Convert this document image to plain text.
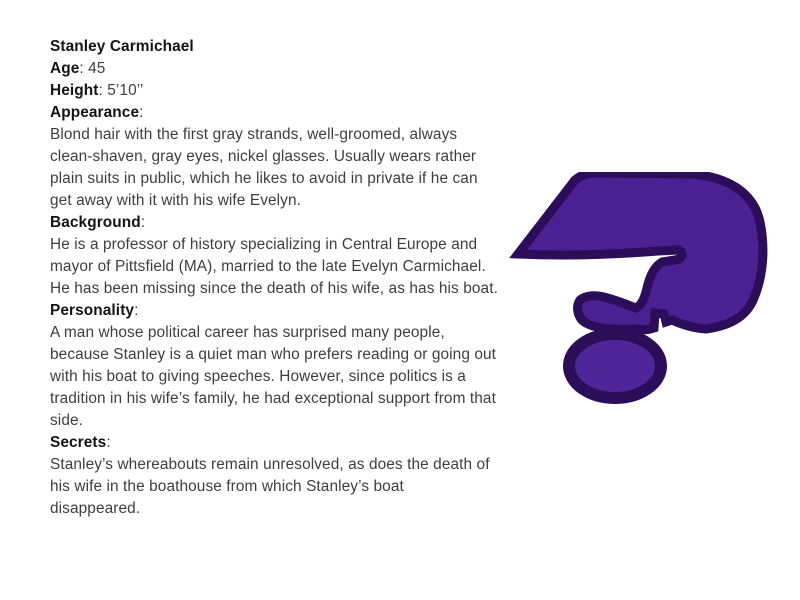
Stanley Carmichael
Age: 45
Height: 5’10’’
Appearance:
Blond hair with the first gray strands, well-groomed, always clean-shaven, gray eyes, nickel glasses. Usually wears rather plain suits in public, which he likes to avoid in private if he can get away with it with his wife Evelyn.
Background:
He is a professor of history specializing in Central Europe and mayor of Pittsfield (MA), married to the late Evelyn Carmichael. He has been missing since the death of his wife, as has his boat.
Personality:
A man whose political career has surprised many people, because Stanley is a quiet man who prefers reading or going out with his boat to giving speeches. However, since politics is a tradition in his wife’s family, he had exceptional support from that side.
Secrets:
Stanley’s whereabouts remain unresolved, as does the death of his wife in the boathouse from which Stanley’s boat disappeared.
